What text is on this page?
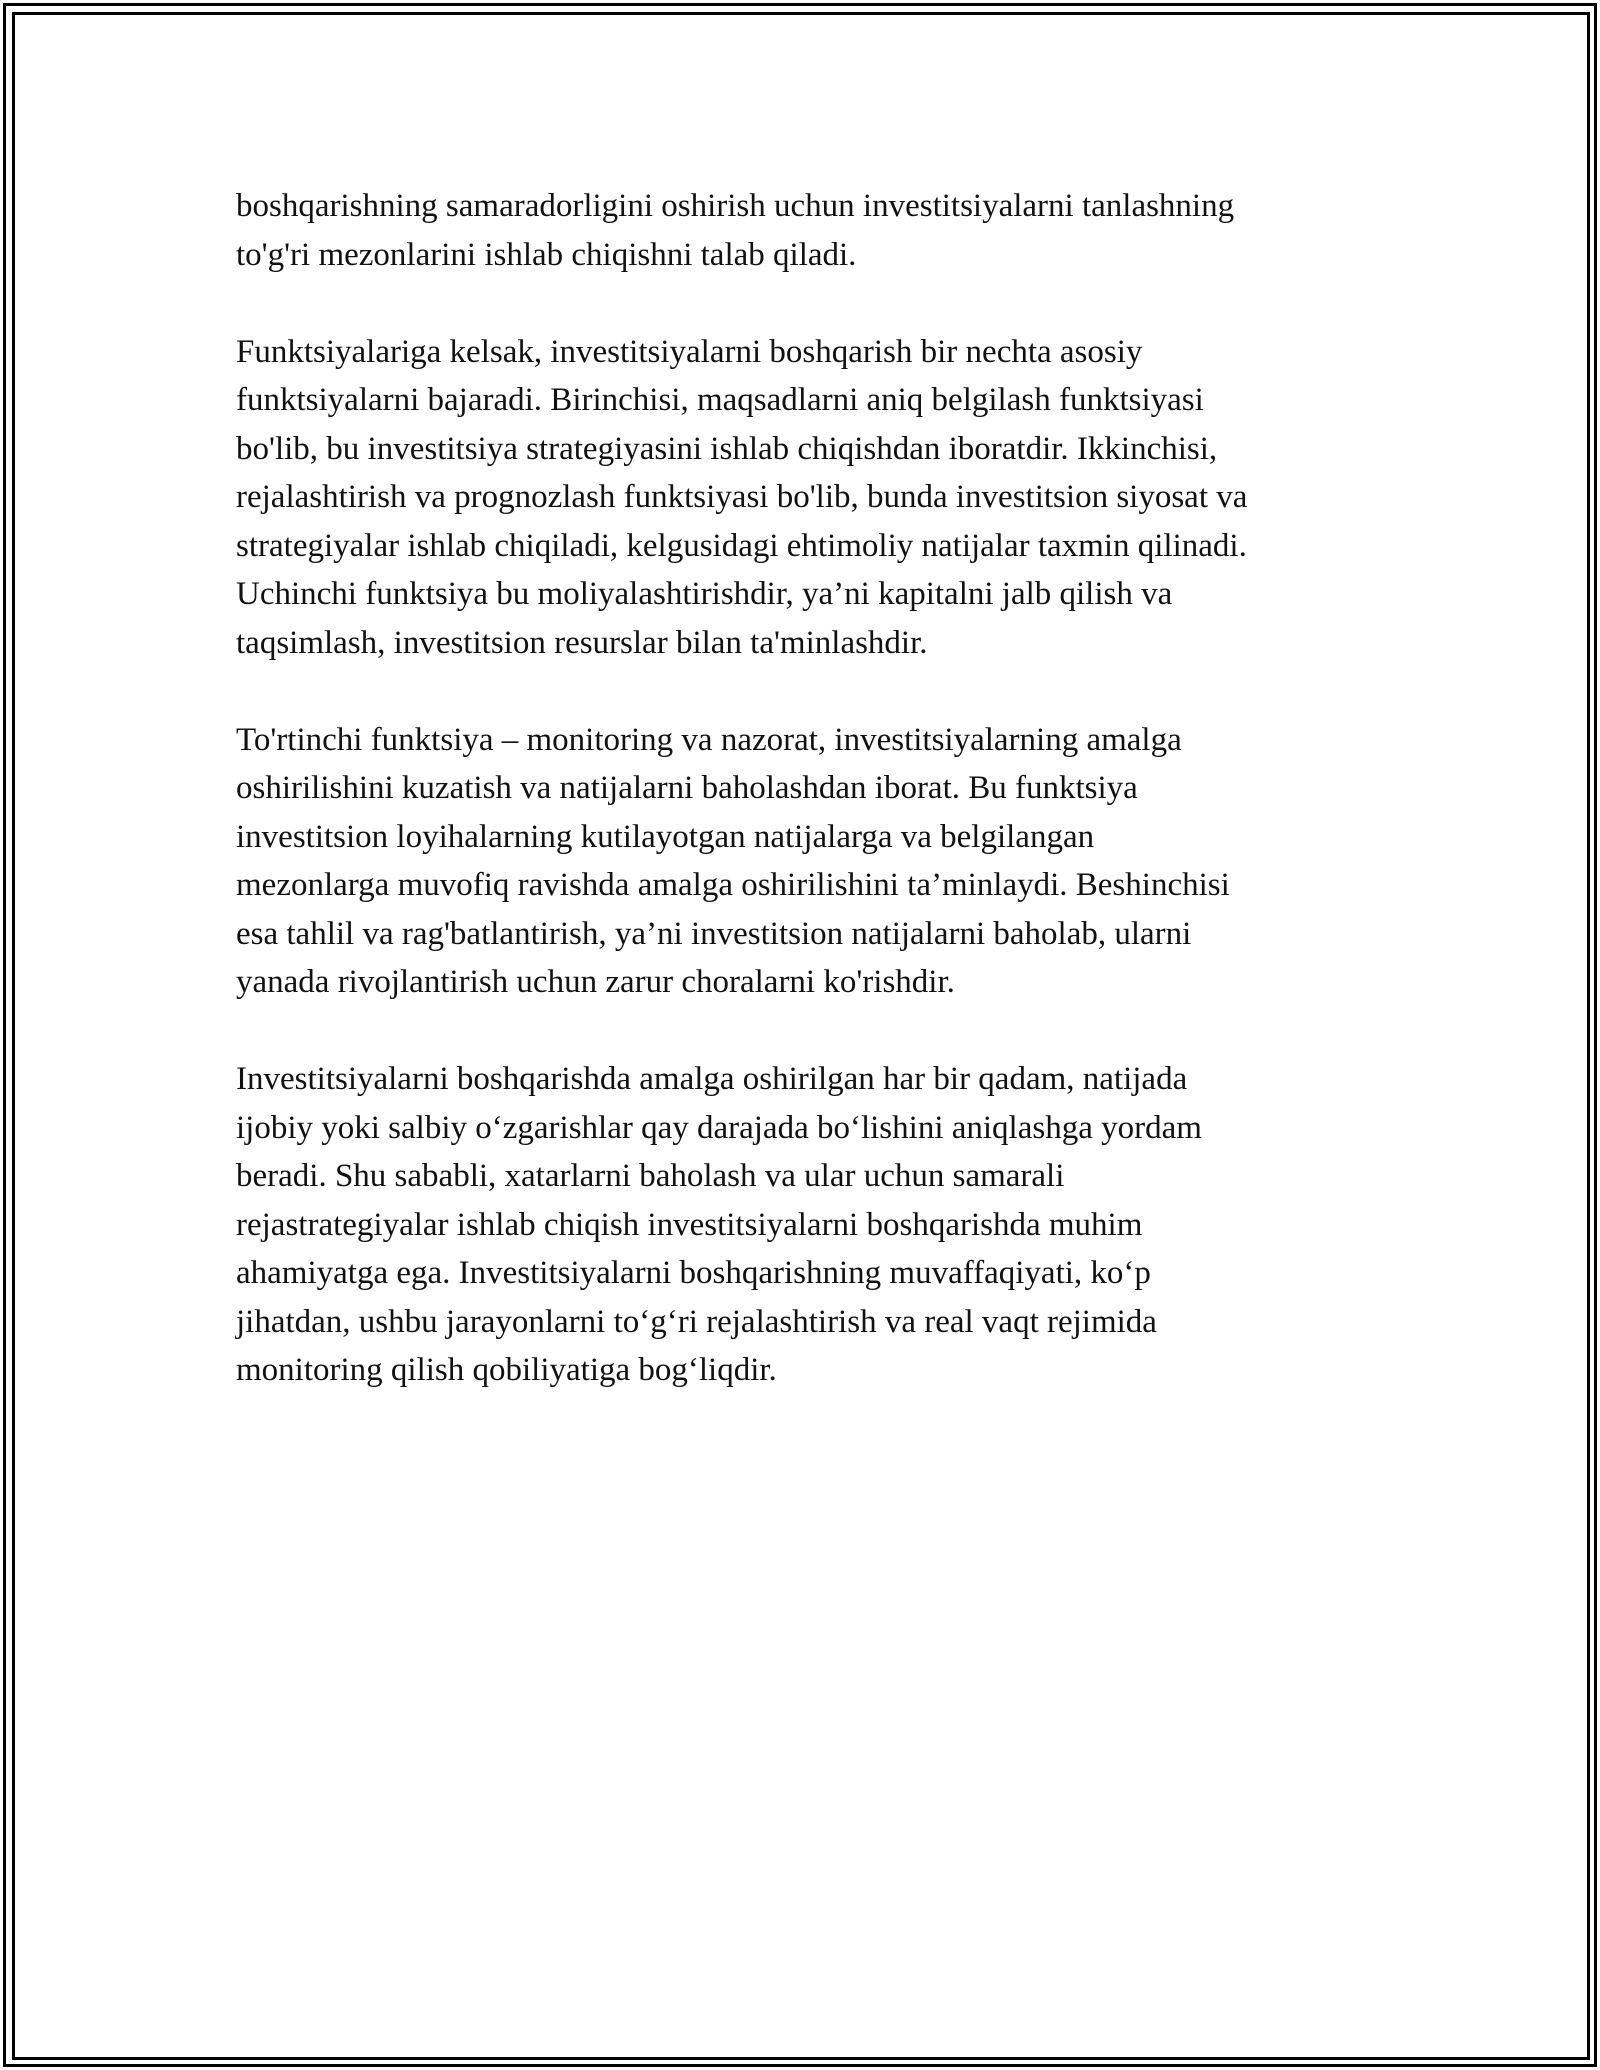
boshqarishning samaradorligini oshirish uchun investitsiyalarni tanlashning
to'g'ri mezonlarini ishlab chiqishni talab qiladi.

Funktsiyalariga kelsak, investitsiyalarni boshqarish bir nechta asosiy
funktsiyalarni bajaradi. Birinchisi, maqsadlarni aniq belgilash funktsiyasi
bo'lib, bu investitsiya strategiyasini ishlab chiqishdan iboratdir. Ikkinchisi,
rejalashtirish va prognozlash funktsiyasi bo'lib, bunda investitsion siyosat va
strategiyalar ishlab chiqiladi, kelgusidagi ehtimoliy natijalar taxmin qilinadi.
Uchinchi funktsiya bu moliyalashtirishdir, ya’ni kapitalni jalb qilish va
taqsimlash, investitsion resurslar bilan ta'minlashdir.

To'rtinchi funktsiya – monitoring va nazorat, investitsiyalarning amalga
oshirilishini kuzatish va natijalarni baholashdan iborat. Bu funktsiya
investitsion loyihalarning kutilayotgan natijalarga va belgilangan
mezonlarga muvofiq ravishda amalga oshirilishini ta’minlaydi. Beshinchisi
esa tahlil va rag'batlantirish, ya’ni investitsion natijalarni baholab, ularni
yanada rivojlantirish uchun zarur choralarni ko'rishdir.

Investitsiyalarni boshqarishda amalga oshirilgan har bir qadam, natijada
ijobiy yoki salbiy oʻzgarishlar qay darajada boʻlishini aniqlashga yordam
beradi. Shu sababli, xatarlarni baholash va ular uchun samarali
rejastrategiyalar ishlab chiqish investitsiyalarni boshqarishda muhim
ahamiyatga ega. Investitsiyalarni boshqarishning muvaffaqiyati, koʻp
jihatdan, ushbu jarayonlarni toʻgʻri rejalashtirish va real vaqt rejimida
monitoring qilish qobiliyatiga bogʻliqdir.
